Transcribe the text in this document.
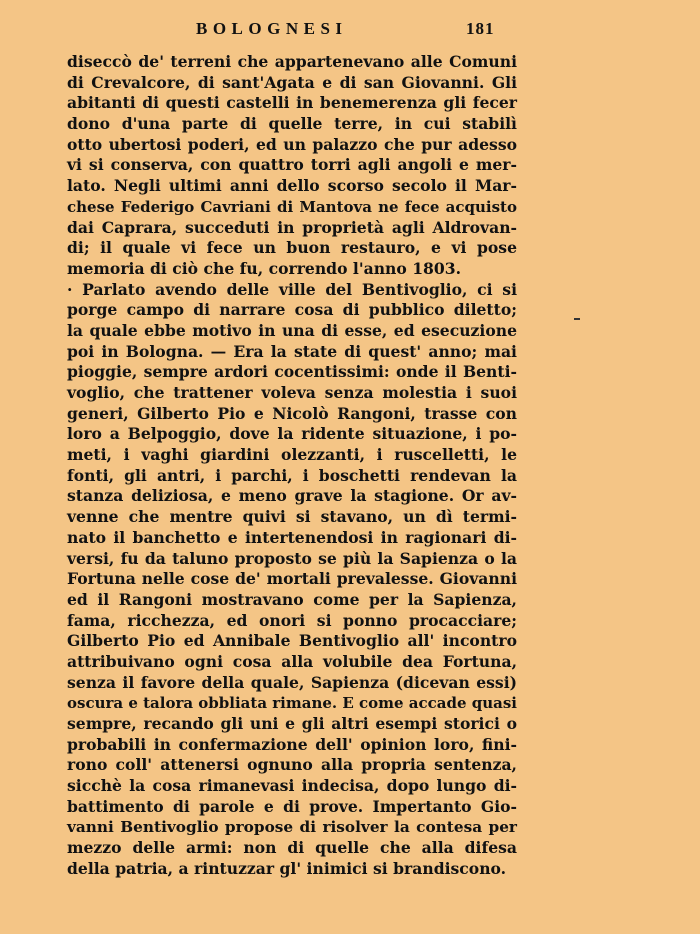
BOLOGNESI	181
diseccò de' terreni che appartenevano alle Comuni
di Crevalcore, di sant'Agata e di san Giovanni. Gli
abitanti di questi castelli in benemerenza gli fecer
dono d'una parte di quelle terre, in cui stabilì
otto ubertosi poderi, ed un palazzo che pur adesso
vi si conserva, con quattro torri agli angoli e mer-
lato. Negli ultimi anni dello scorso secolo il Mar-
chese Federigo Cavriani di Mantova ne fece acquisto
dai Caprara, succeduti in proprietà agli Aldrovan-
di; il quale vi fece un buon restauro, e vi pose
memoria di ciò che fu, correndo l'anno 1803.
· Parlato avendo delle ville del Bentivoglio, ci si
porge campo di narrare cosa di pubblico diletto;
la quale ebbe motivo in una di esse, ed esecuzione
poi in Bologna. — Era la state di quest' anno; mai
pioggie, sempre ardori cocentissimi: onde il Benti-
voglio, che trattener voleva senza molestia i suoi
generi, Gilberto Pio e Nicolò Rangoni, trasse con
loro a Belpoggio, dove la ridente situazione, i po-
meti, i vaghi giardini olezzanti, i ruscelletti, le
fonti, gli antri, i parchi, i boschetti rendevan la
stanza deliziosa, e meno grave la stagione. Or av-
venne che mentre quivi si stavano, un dì termi-
nato il banchetto e intertenendosi in ragionari di-
versi, fu da taluno proposto se più la Sapienza o la
Fortuna nelle cose de' mortali prevalesse. Giovanni
ed il Rangoni mostravano come per la Sapienza,
fama, ricchezza, ed onori si ponno procacciare;
Gilberto Pio ed Annibale Bentivoglio all' incontro
attribuivano ogni cosa alla volubile dea Fortuna,
senza il favore della quale, Sapienza (dicevan essi)
oscura e talora obbliata rimane. E come accade quasi
sempre, recando gli uni e gli altri esempi storici o
probabili in confermazione dell' opinion loro, fini-
rono coll' attenersi ognuno alla propria sentenza,
sicchè la cosa rimanevasi indecisa, dopo lungo di-
battimento di parole e di prove. Impertanto Gio-
vanni Bentivoglio propose di risolver la contesa per
mezzo delle armi: non di quelle che alla difesa
della patria, a rintuzzar gl' inimici si brandiscono.
